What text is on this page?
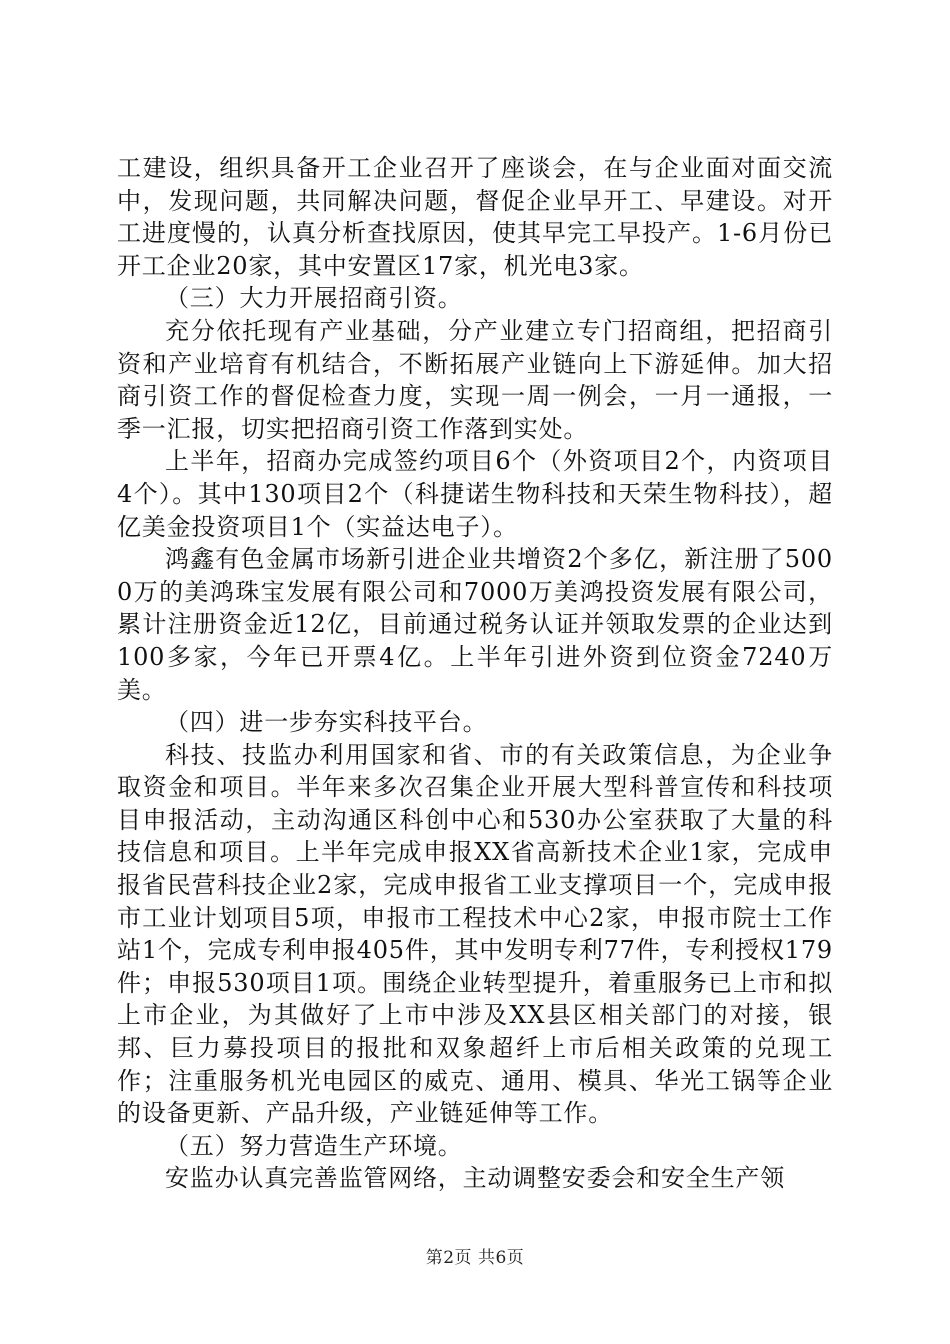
工建设，组织具备开工企业召开了座谈会，在与企业面对面交流中，发现问题，共同解决问题，督促企业早开工、早建设。对开工进度慢的，认真分析查找原因，使其早完工早投产。1-6月份已开工企业20家，其中安置区17家，机光电3家。

（三）大力开展招商引资。

充分依托现有产业基础，分产业建立专门招商组，把招商引资和产业培育有机结合，不断拓展产业链向上下游延伸。加大招商引资工作的督促检查力度，实现一周一例会，一月一通报，一季一汇报，切实把招商引资工作落到实处。

上半年，招商办完成签约项目6个（外资项目2个，内资项目4个）。其中130项目2个（科捷诺生物科技和天荣生物科技），超亿美金投资项目1个（实益达电子）。

鸿鑫有色金属市场新引进企业共增资2个多亿，新注册了5000万的美鸿珠宝发展有限公司和7000万美鸿投资发展有限公司，累计注册资金近12亿，目前通过税务认证并领取发票的企业达到100多家，今年已开票4亿。上半年引进外资到位资金7240万美。

（四）进一步夯实科技平台。

科技、技监办利用国家和省、市的有关政策信息，为企业争取资金和项目。半年来多次召集企业开展大型科普宣传和科技项目申报活动，主动沟通区科创中心和530办公室获取了大量的科技信息和项目。上半年完成申报XX省高新技术企业1家，完成申报省民营科技企业2家，完成申报省工业支撑项目一个，完成申报市工业计划项目5项，申报市工程技术中心2家，申报市院士工作站1个，完成专利申报405件，其中发明专利77件，专利授权179件；申报530项目1项。围绕企业转型提升，着重服务已上市和拟上市企业，为其做好了上市中涉及XX县区相关部门的对接，银邦、巨力募投项目的报批和双象超纤上市后相关政策的兑现工作；注重服务机光电园区的威克、通用、模具、华光工锅等企业的设备更新、产品升级，产业链延伸等工作。

（五）努力营造生产环境。

安监办认真完善监管网络，主动调整安委会和安全生产领

第2页 共6页
